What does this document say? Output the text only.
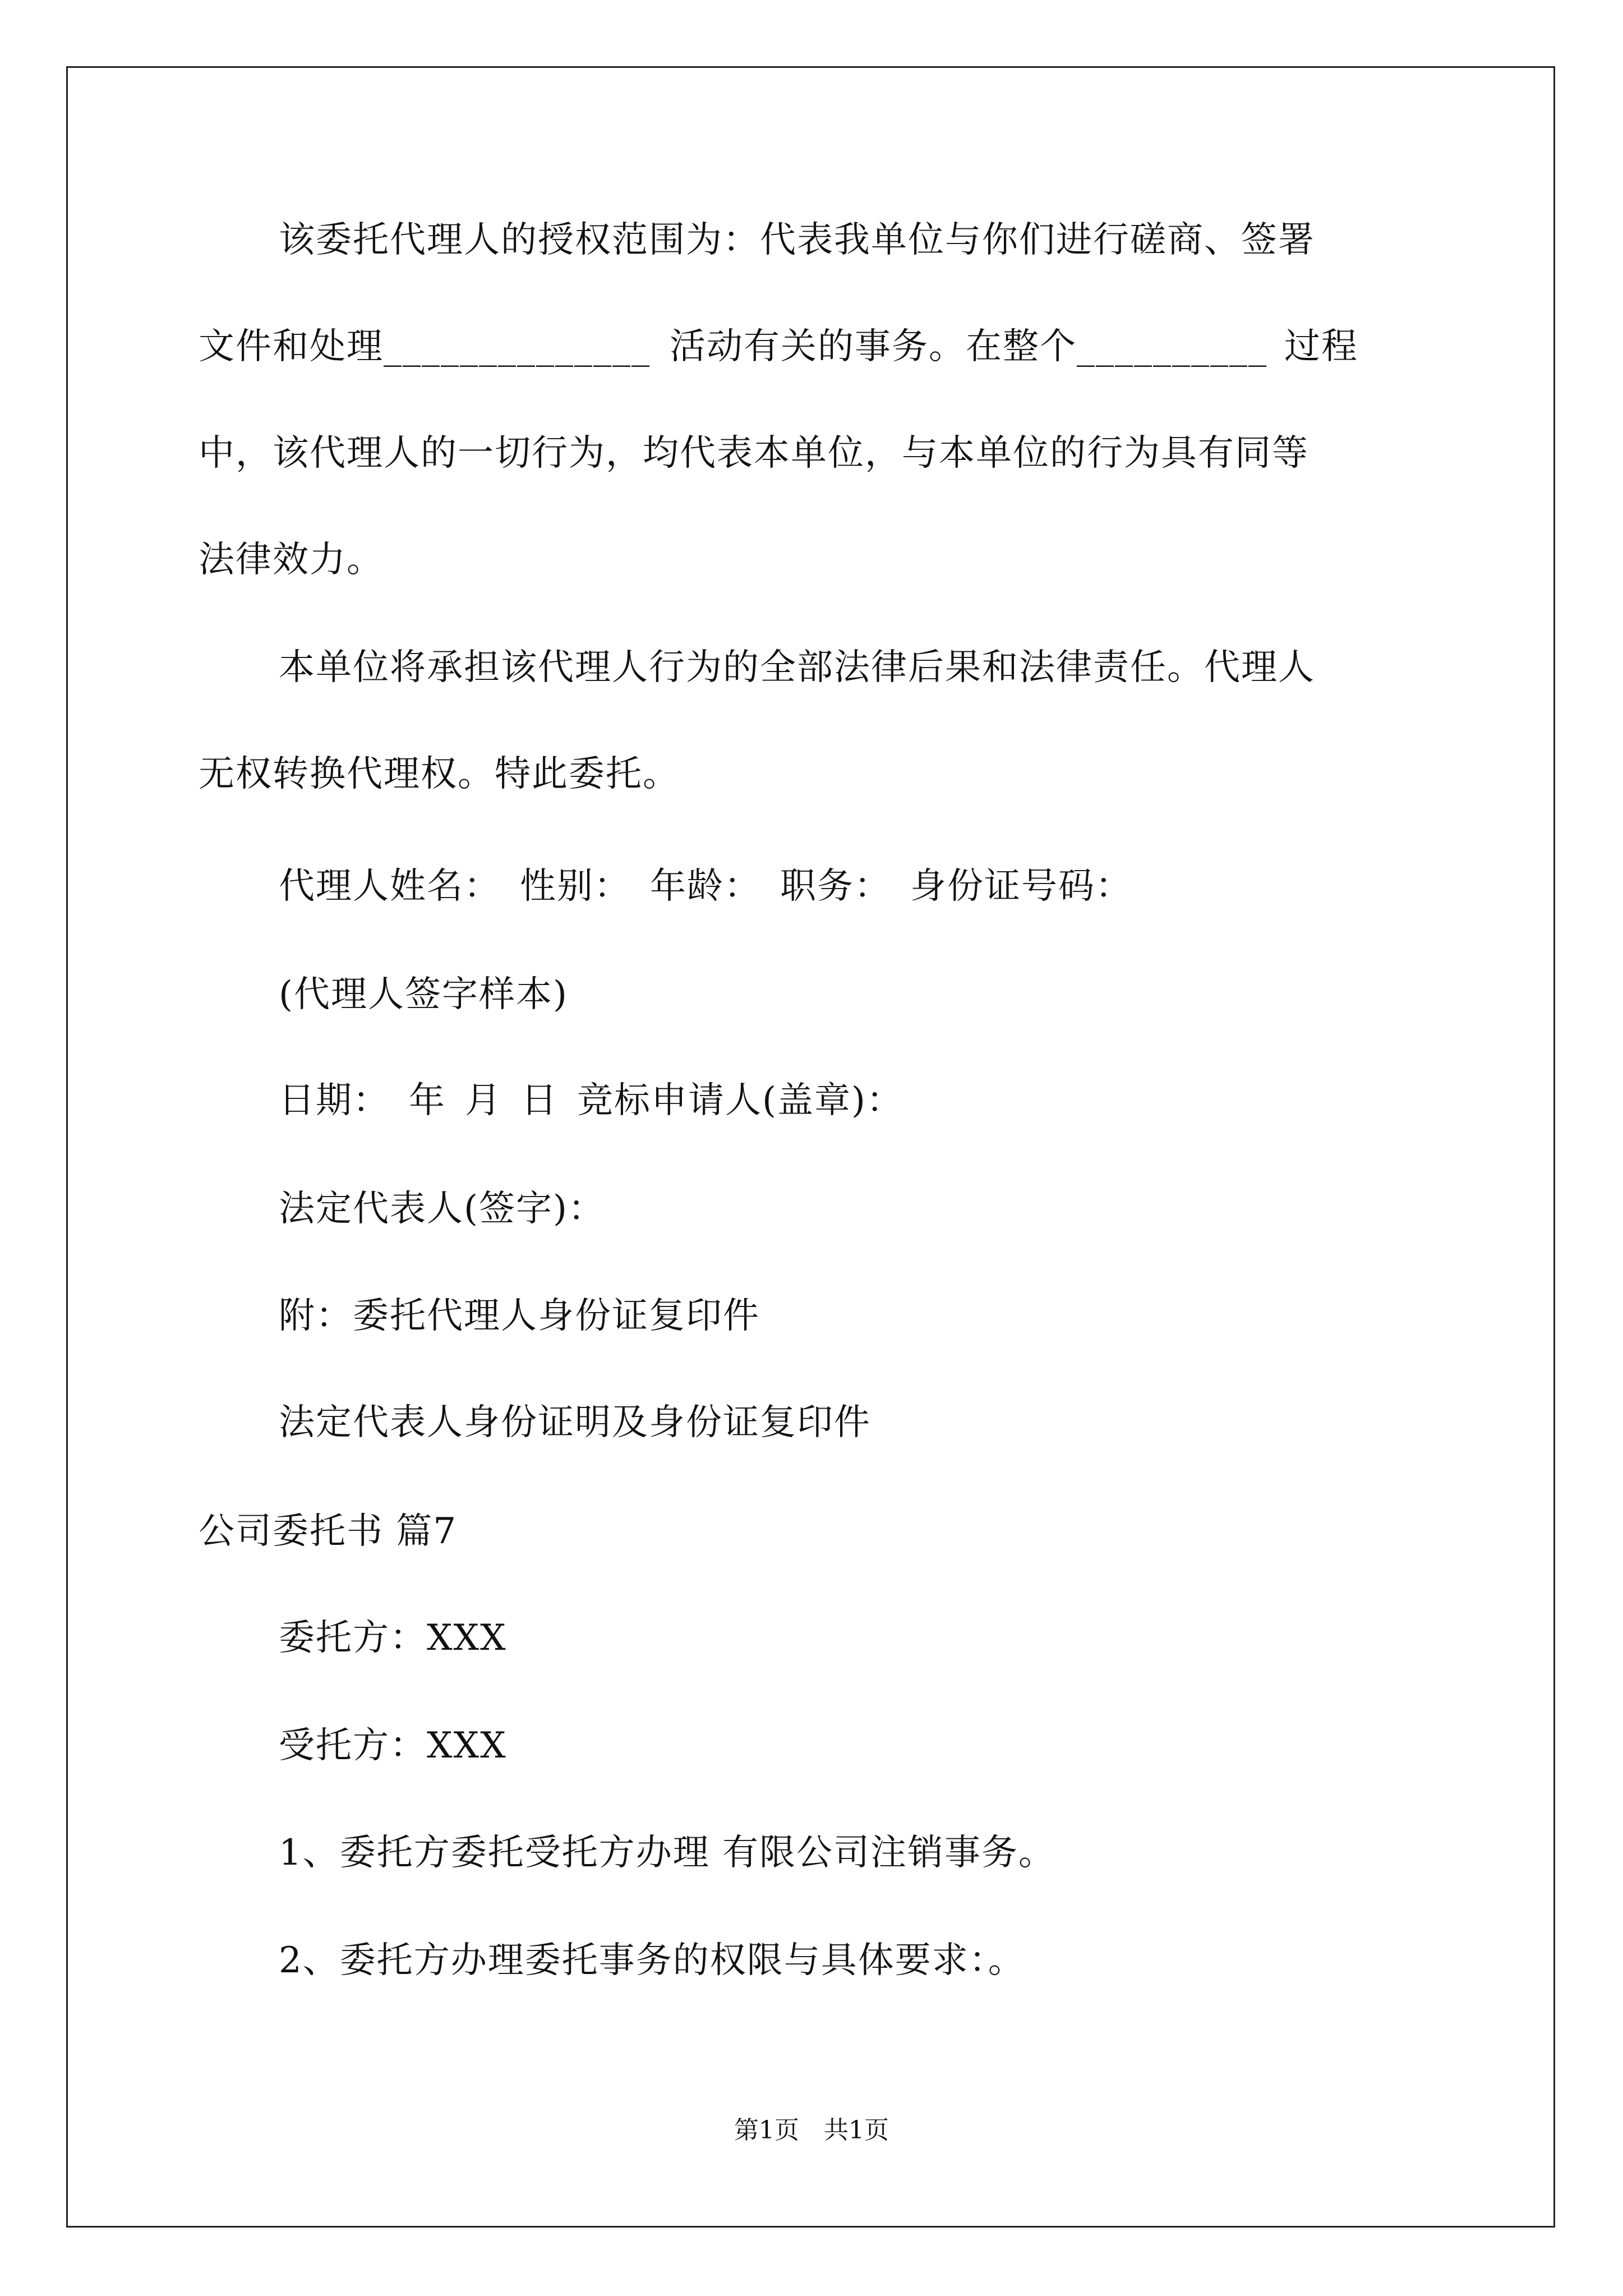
该委托代理人的授权范围为：代表我单位与你们进行磋商、签署
文件和处理______________ 活动有关的事务。在整个__________ 过程
中，该代理人的一切行为，均代表本单位，与本单位的行为具有同等
法律效力。
本单位将承担该代理人行为的全部法律后果和法律责任。代理人
无权转换代理权。特此委托。
代理人姓名： 性别： 年龄： 职务： 身份证号码：
(代理人签字样本)
日期： 年 月 日 竞标申请人(盖章)：
法定代表人(签字)：
附：委托代理人身份证复印件
法定代表人身份证明及身份证复印件
公司委托书 篇7
委托方：XXX
受托方：XXX
1、委托方委托受托方办理 有限公司注销事务。
2、委托方办理委托事务的权限与具体要求：。
第1页　共1页
